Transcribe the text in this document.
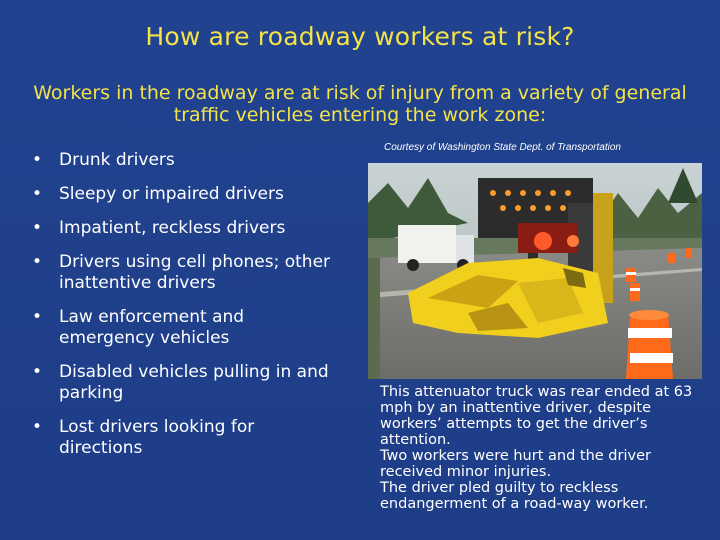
How are roadway workers at risk?
Workers in the roadway are at risk of injury from a variety of general traffic vehicles entering the work zone:
• Drunk drivers
• Sleepy or impaired drivers
• Impatient, reckless drivers
• Drivers using cell phones; other inattentive drivers
• Law enforcement and emergency vehicles
• Disabled vehicles pulling in and parking
• Lost drivers looking for directions
Courtesy of Washington State Dept. of Transportation

This attenuator truck was rear ended at 63 mph by an inattentive driver, despite workers’ attempts to get the driver’s attention.

Two workers were hurt and the driver received minor injuries.

The driver pled guilty to reckless endangerment of a road-way worker.
